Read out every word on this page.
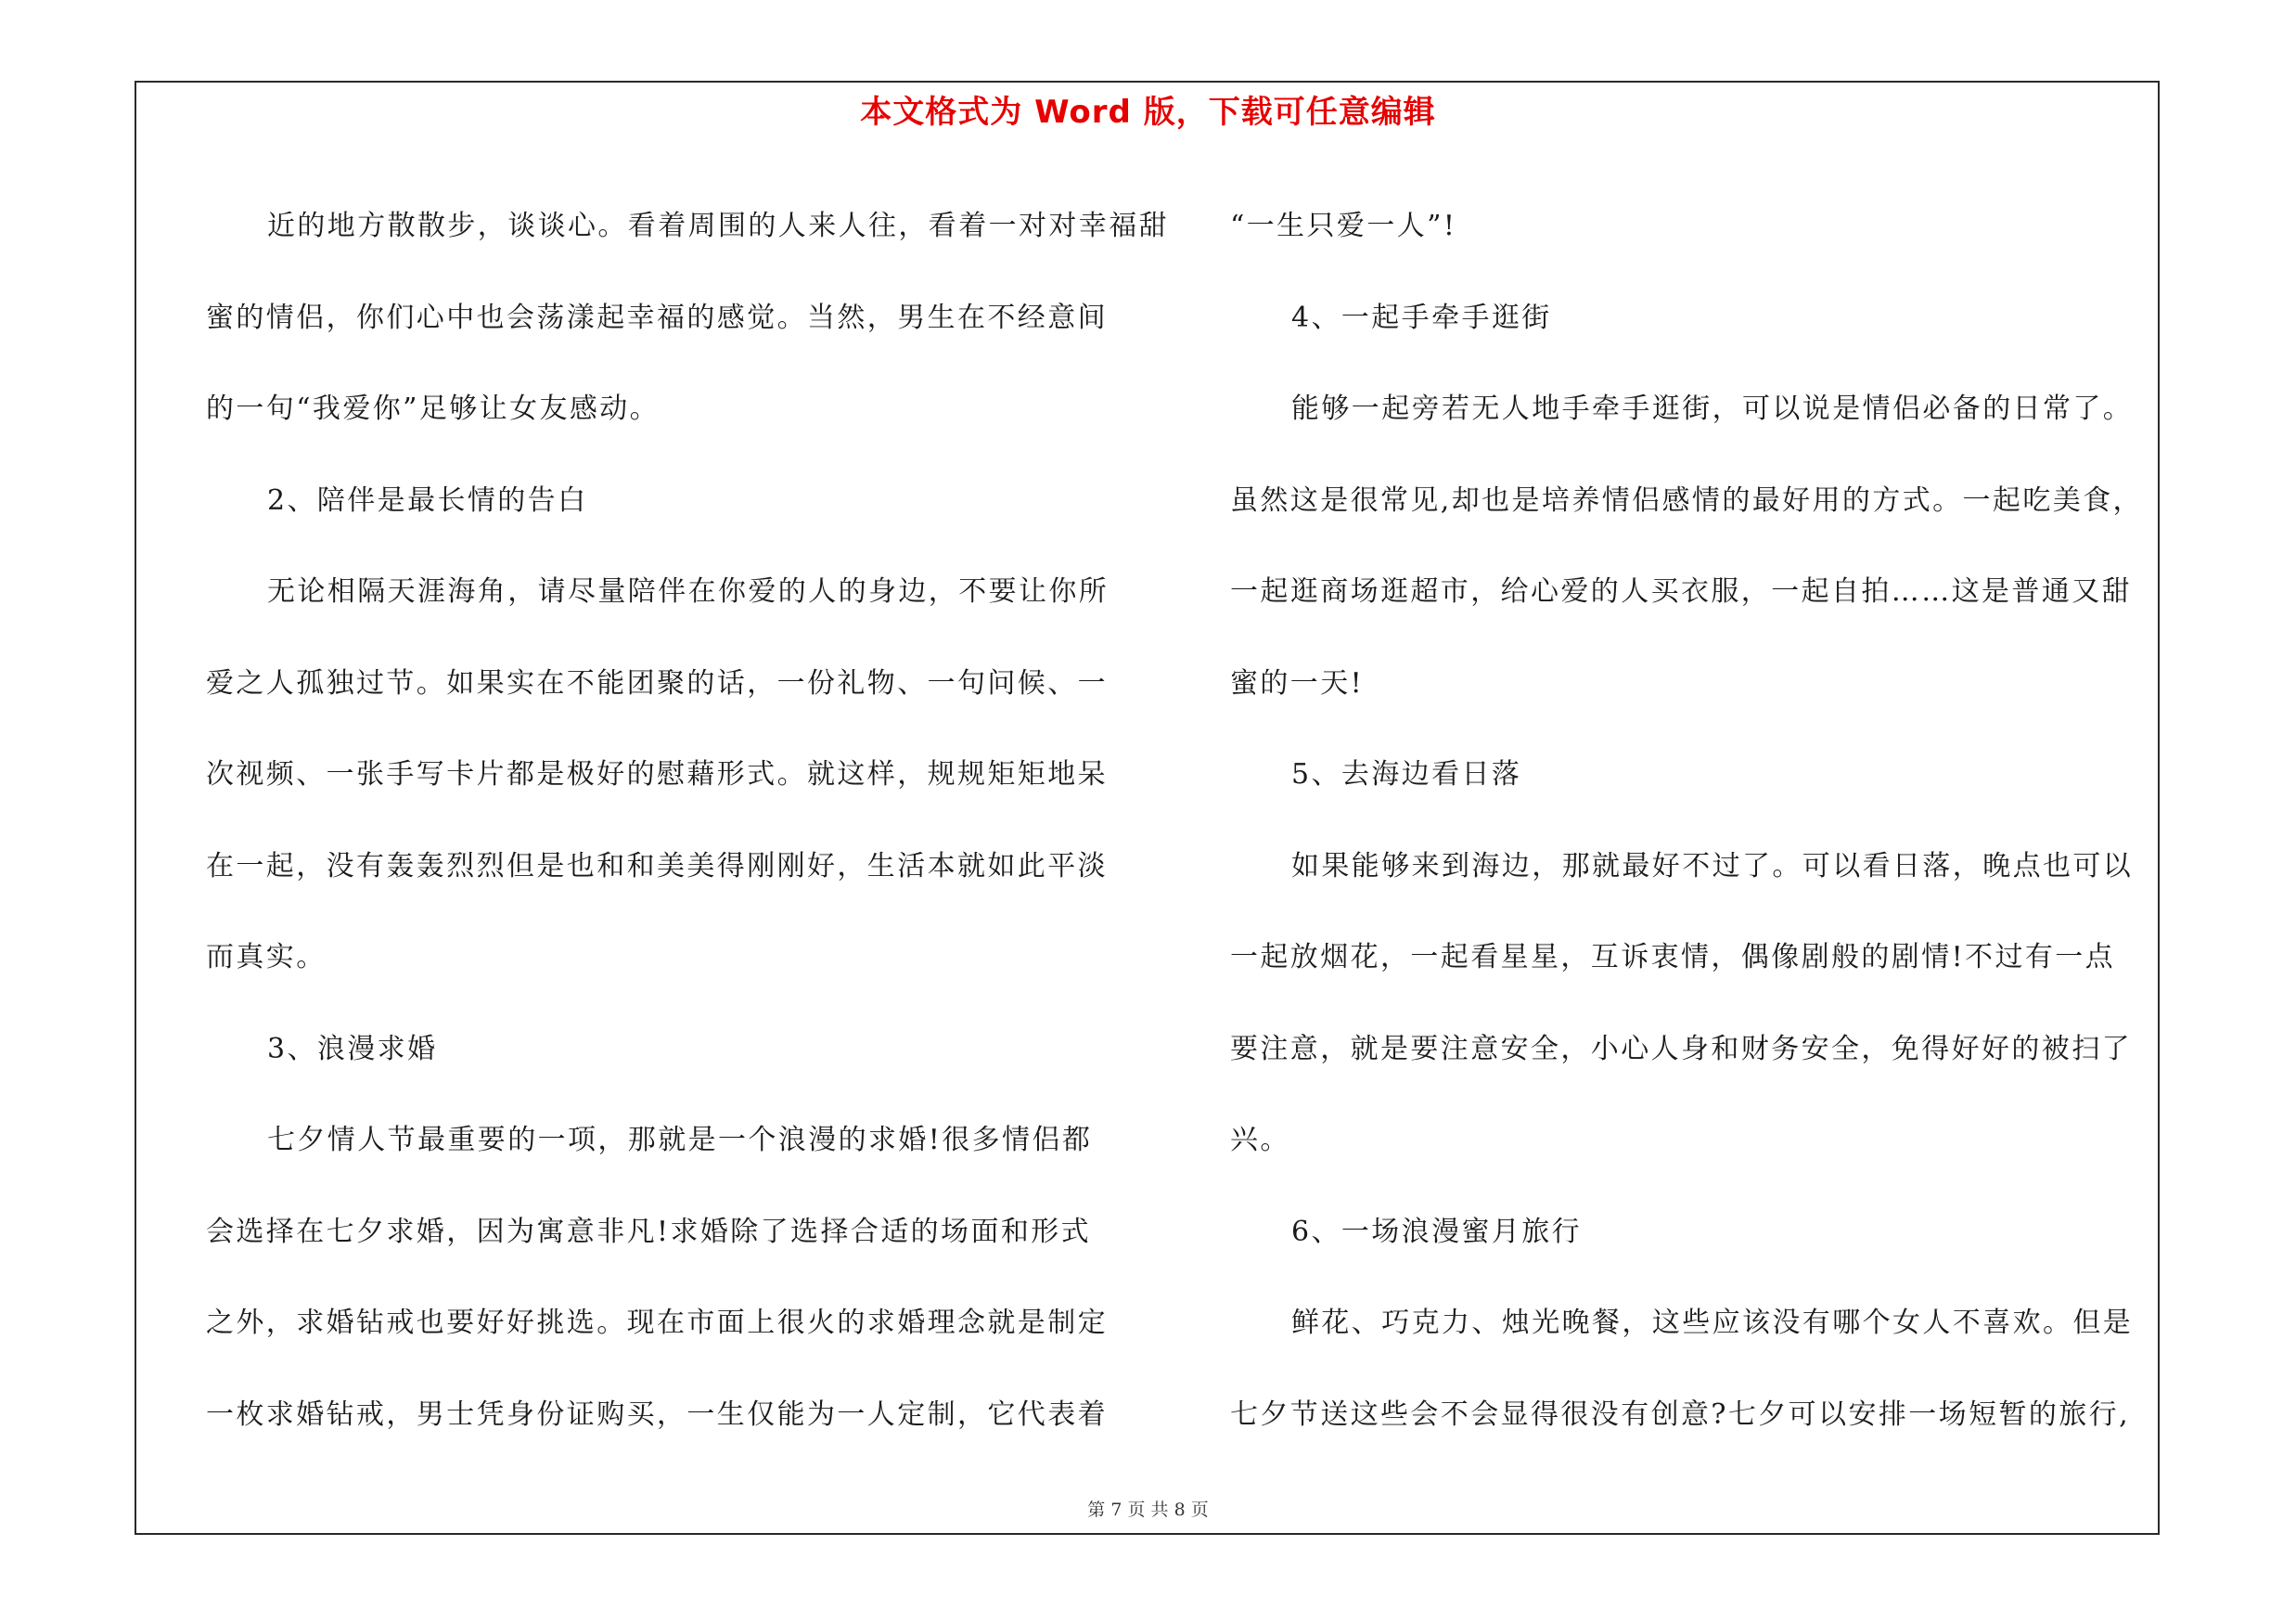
本文格式为 Word 版，下载可任意编辑
近的地方散散步，谈谈心。看着周围的人来人往，看着一对对幸福甜
蜜的情侣，你们心中也会荡漾起幸福的感觉。当然，男生在不经意间
的一句“我爱你”足够让女友感动。
2、陪伴是最长情的告白
无论相隔天涯海角，请尽量陪伴在你爱的人的身边，不要让你所
爱之人孤独过节。如果实在不能团聚的话，一份礼物、一句问候、一
次视频、一张手写卡片都是极好的慰藉形式。就这样，规规矩矩地呆
在一起，没有轰轰烈烈但是也和和美美得刚刚好，生活本就如此平淡
而真实。
3、浪漫求婚
七夕情人节最重要的一项，那就是一个浪漫的求婚!很多情侣都
会选择在七夕求婚，因为寓意非凡!求婚除了选择合适的场面和形式
之外，求婚钻戒也要好好挑选。现在市面上很火的求婚理念就是制定
一枚求婚钻戒，男士凭身份证购买，一生仅能为一人定制，它代表着
“一生只爱一人”!
4、一起手牵手逛街
能够一起旁若无人地手牵手逛街，可以说是情侣必备的日常了。
虽然这是很常见,却也是培养情侣感情的最好用的方式。一起吃美食，
一起逛商场逛超市，给心爱的人买衣服，一起自拍……这是普通又甜
蜜的一天!
5、去海边看日落
如果能够来到海边，那就最好不过了。可以看日落，晚点也可以
一起放烟花，一起看星星，互诉衷情，偶像剧般的剧情!不过有一点
要注意，就是要注意安全，小心人身和财务安全，免得好好的被扫了
兴。
6、一场浪漫蜜月旅行
鲜花、巧克力、烛光晚餐，这些应该没有哪个女人不喜欢。但是
七夕节送这些会不会显得很没有创意?七夕可以安排一场短暂的旅行,
第 7 页 共 8 页
